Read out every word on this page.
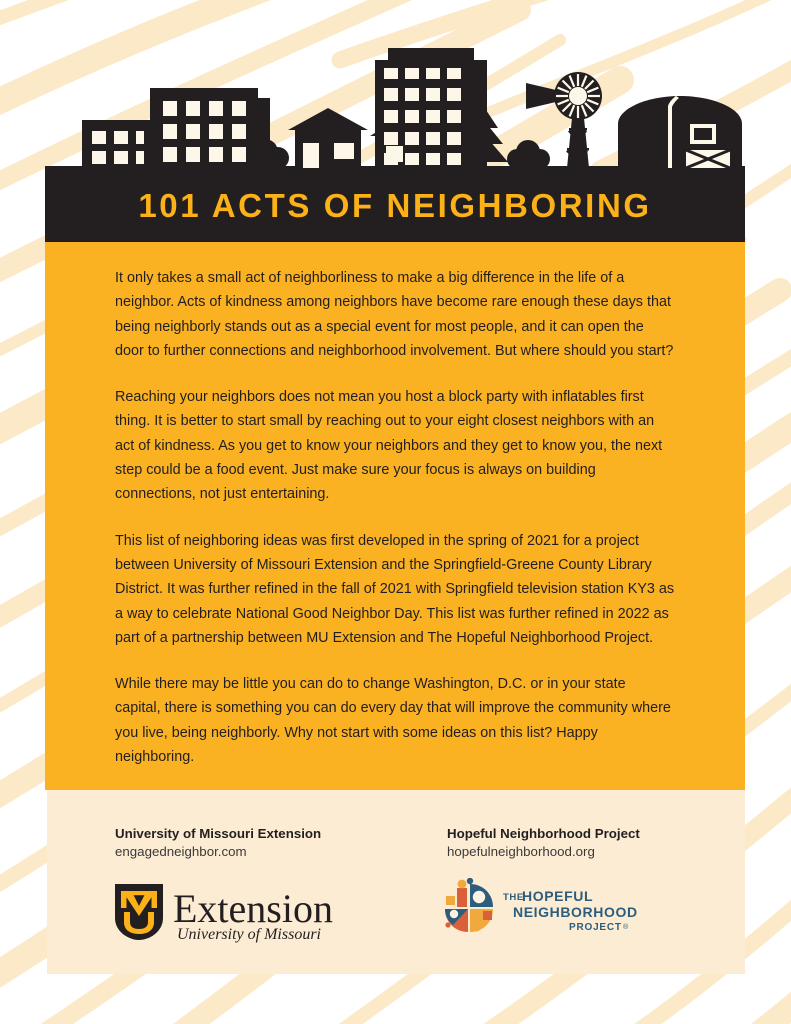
101 ACTS OF NEIGHBORING

It only takes a small act of neighborliness to make a big difference in the life of a neighbor. Acts of kindness among neighbors have become rare enough these days that being neighborly stands out as a special event for most people, and it can open the door to further connections and neighborhood involvement. But where should you start?

Reaching your neighbors does not mean you host a block party with inflatables first thing. It is better to start small by reaching out to your eight closest neighbors with an act of kindness. As you get to know your neighbors and they get to know you, the next step could be a food event. Just make sure your focus is always on building connections, not just entertaining.

This list of neighboring ideas was first developed in the spring of 2021 for a project between University of Missouri Extension and the Springfield-Greene County Library District. It was further refined in the fall of 2021 with Springfield television station KY3 as a way to celebrate National Good Neighbor Day. This list was further refined in 2022 as part of a partnership between MU Extension and The Hopeful Neighborhood Project.

While there may be little you can do to change Washington, D.C. or in your state capital, there is something you can do every day that will improve the community where you live, being neighborly. Why not start with some ideas on this list? Happy neighboring.

University of Missouri Extension

engagedneighbor.com

Hopeful Neighborhood Project

hopefulneighborhood.org

Extension
University of Missouri
THE
HOPEFUL
NEIGHBORHOOD
PROJECT ®
